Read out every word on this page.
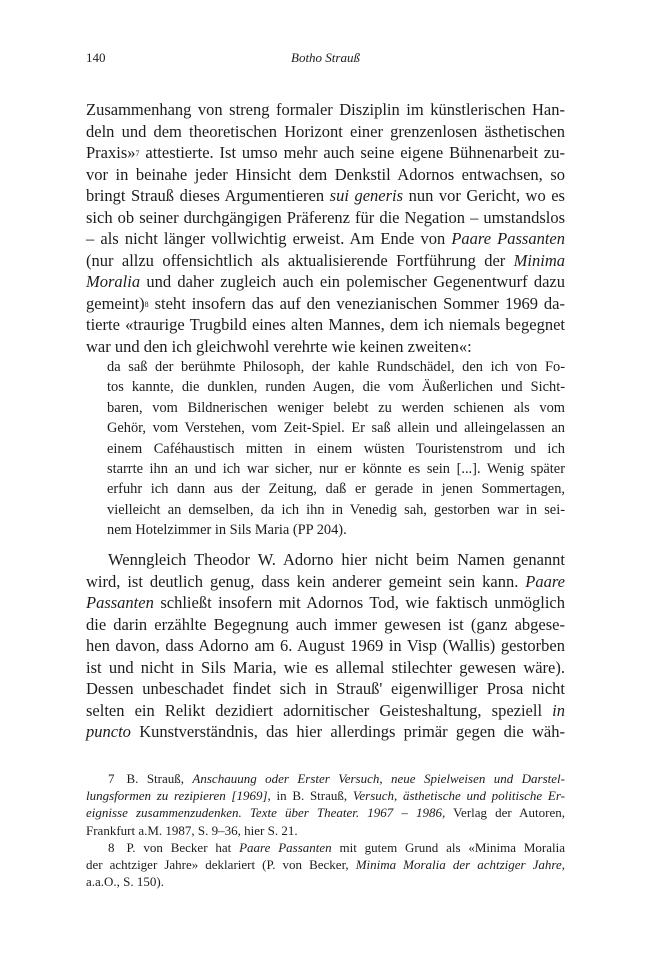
140	Botho Strauß
Zusammenhang von streng formaler Disziplin im künstlerischen Han-
deln und dem theoretischen Horizont einer grenzenlosen ästhetischen
Praxis»$^7$ attestierte. Ist umso mehr auch seine eigene Bühnenarbeit zu-
vor in beinahe jeder Hinsicht dem Denkstil Adornos entwachsen, so
bringt Strauß dieses Argumentieren sui generis nun vor Gericht, wo es
sich ob seiner durchgängigen Präferenz für die Negation – umstandslos
– als nicht länger vollwichtig erweist. Am Ende von Paare Passanten
(nur allzu offensichtlich als aktualisierende Fortführung der Minima
Moralia und daher zugleich auch ein polemischer Gegenentwurf dazu
gemeint)$^8$ steht insofern das auf den venezianischen Sommer 1969 da-
tierte «traurige Trugbild eines alten Mannes, dem ich niemals begegnet
war und den ich gleichwohl verehrte wie keinen zweiten«:
da saß der berühmte Philosoph, der kahle Rundschädel, den ich von Fo-
tos kannte, die dunklen, runden Augen, die vom Äußerlichen und Sicht-
baren, vom Bildnerischen weniger belebt zu werden schienen als vom
Gehör, vom Verstehen, vom Zeit-Spiel. Er saß allein und alleingelassen an
einem Caféhaustisch mitten in einem wüsten Touristenstrom und ich
starrte ihn an und ich war sicher, nur er könnte es sein [...]. Wenig später
erfuhr ich dann aus der Zeitung, daß er gerade in jenen Sommertagen,
vielleicht an demselben, da ich ihn in Venedig sah, gestorben war in sei-
nem Hotelzimmer in Sils Maria (PP 204).
Wenngleich Theodor W. Adorno hier nicht beim Namen genannt
wird, ist deutlich genug, dass kein anderer gemeint sein kann. Paare
Passanten schließt insofern mit Adornos Tod, wie faktisch unmöglich
die darin erzählte Begegnung auch immer gewesen ist (ganz abgese-
hen davon, dass Adorno am 6. August 1969 in Visp (Wallis) gestorben
ist und nicht in Sils Maria, wie es allemal stilechter gewesen wäre).
Dessen unbeschadet findet sich in Strauß' eigenwilliger Prosa nicht
selten ein Relikt dezidiert adornitischer Geisteshaltung, speziell in
puncto Kunstverständnis, das hier allerdings primär gegen die wäh-
7 B. Strauß, Anschauung oder Erster Versuch, neue Spielweisen und Darstel-
lungsformen zu rezipieren [1969], in B. Strauß, Versuch, ästhetische und politische Er-
eignisse zusammenzudenken. Texte über Theater. 1967 – 1986, Verlag der Autoren,
Frankfurt a.M. 1987, S. 9–36, hier S. 21.
8 P. von Becker hat Paare Passanten mit gutem Grund als «Minima Moralia
der achtziger Jahre» deklariert (P. von Becker, Minima Moralia der achtziger Jahre,
a.a.O., S. 150).
